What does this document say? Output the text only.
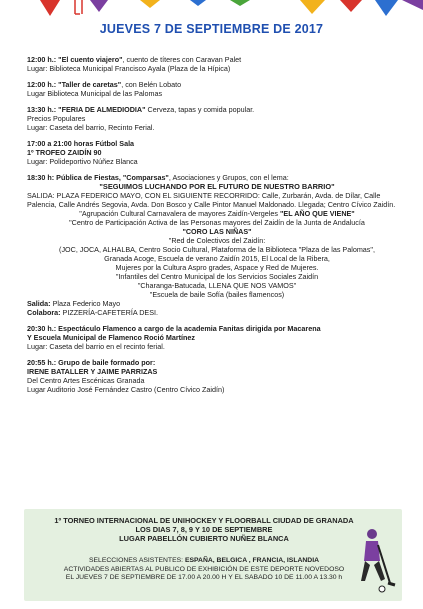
JUEVES 7 DE SEPTIEMBRE DE 2017

12:00 h.: "El cuento viajero", cuento de títeres con Caravan Palet

Lugar: Biblioteca Municipal Francisco Ayala (Plaza de la Hípica)

12:00 h.: "Taller de caretas", con Belén Lobato

Lugar Biblioteca Municipal de las Palomas

13:30 h.: "FERIA DE ALMEDIODIA" Cerveza, tapas y comida popular.

Precios Populares

Lugar: Caseta del barrio, Recinto Ferial.

17:00 a 21:00 horas Fútbol Sala

1º TROFEO ZAIDÍN 90

Lugar: Polideportivo Núñez Blanca

18:30 h: Pública de Fiestas, "Comparsas", Asociaciones y Grupos, con el lema:

"SEGUIMOS LUCHANDO POR EL FUTURO DE NUESTRO BARRIO"

SALIDA: PLAZA FEDERICO MAYO, CON EL SIGUIENTE RECORRIDO: Calle, Zurbarán, Avda. de Dílar, Calle Palencia, Calle Andrés Segovia, Avda. Don Bosco y Calle Pintor Manuel Maldonado. Llegada; Centro Cívico Zaidín.

"Agrupación Cultural Carnavalera de mayores Zaidín-Vergeles "EL AÑO QUE VIENE"

"Centro de Participación Activa de las Personas mayores del Zaidín de la Junta de Andalucía

"CORO LAS NIÑAS"

"Red de Colectivos del Zaidín:

(JOC, JOCA, ALHALBA, Centro Socio Cultural, Plataforma de la Biblioteca "Plaza de las Palomas",

Granada Acoge, Escuela de verano Zaidín 2015, El Local de la Ribera,

Mujeres por la Cultura Aspro grades, Aspace y Red de Mujeres.

"Infantiles del Centro Municipal de los Servicios Sociales Zaidín

"Charanga-Batucada, LLENA QUE NOS VAMOS"

"Escuela de baile Sofía (bailes flamencos)

Salida: Plaza Federico Mayo

Colabora: PIZZERÍA-CAFETERÍA DESI.

20:30 h.: Espectáculo Flamenco a cargo de la academia Fanitas dirigida por Macarena

Y Escuela Municipal de Flamenco Roció Martínez

Lugar: Caseta del barrio en el recinto ferial.

20:55 h.: Grupo de baile formado por:

IRENE BATALLER Y JAIME PARRIZAS

Del Centro Artes Escénicas Granada

Lugar Auditorio José Fernández Castro (Centro Cívico Zaidín)

1º TORNEO INTERNACIONAL DE UNIHOCKEY Y FLOORBALL CIUDAD DE GRANADA
LOS DIAS 7, 8, 9 Y 10 DE SEPTIEMBRE
LUGAR PABELLÓN CUBIERTO NUÑEZ BLANCA
SELECCIONES ASISTENTES: ESPAÑA, BELGICA , FRANCIA, ISLANDIA
ACTIVIDADES ABIERTAS AL PUBLICO DE EXHIBICIÓN DE ESTE DEPORTE NOVEDOSO
EL JUEVES 7 DE SEPTIEMBRE DE 17.00 A 20.00 H Y EL SABADO 10 DE 11.00 A 13.30 h
